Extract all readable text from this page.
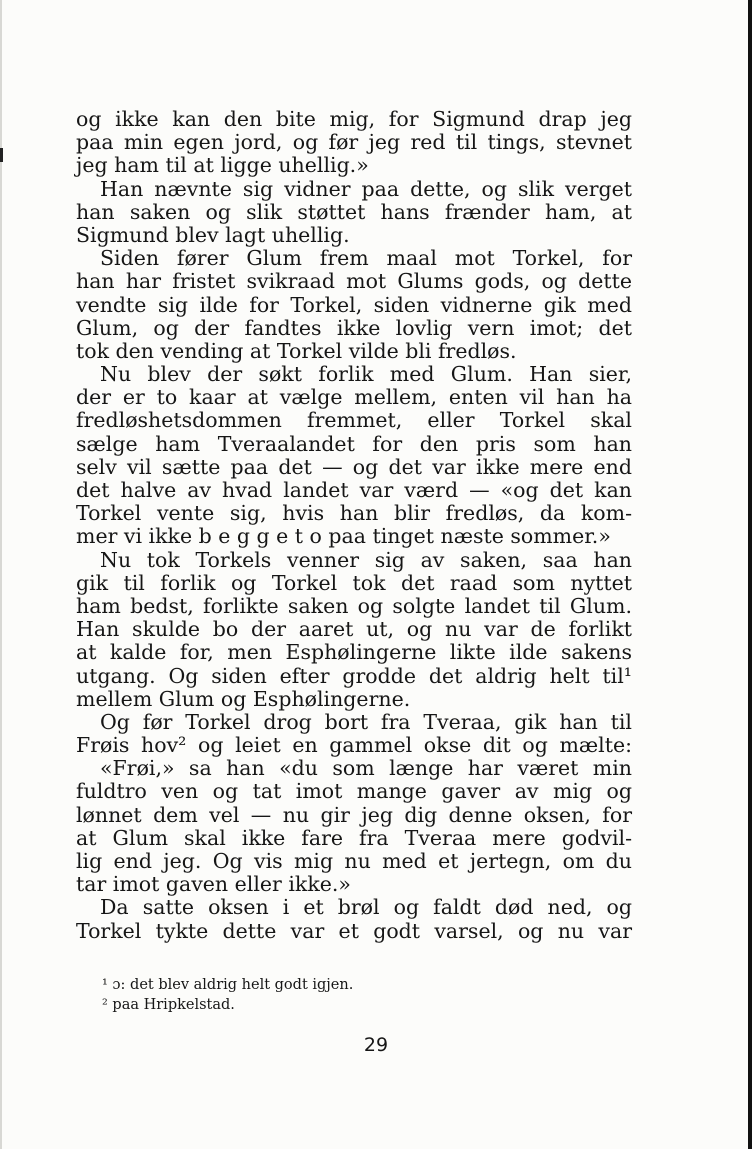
og ikke kan den bite mig, for Sigmund drap jeg
paa min egen jord, og før jeg red til tings, stevnet
jeg ham til at ligge uhellig.»
Han nævnte sig vidner paa dette, og slik verget
han saken og slik støttet hans frænder ham, at
Sigmund blev lagt uhellig.
Siden fører Glum frem maal mot Torkel, for
han har fristet svikraad mot Glums gods, og dette
vendte sig ilde for Torkel, siden vidnerne gik med
Glum, og der fandtes ikke lovlig vern imot; det
tok den vending at Torkel vilde bli fredløs.
Nu blev der søkt forlik med Glum. Han sier,
der er to kaar at vælge mellem, enten vil han ha
fredløshetsdommen fremmet, eller Torkel skal
sælge ham Tveraalandet for den pris som han
selv vil sætte paa det — og det var ikke mere end
det halve av hvad landet var værd — «og det kan
Torkel vente sig, hvis han blir fredløs, da kom-
mer vi ikke b e g g e t o paa tinget næste sommer.»
Nu tok Torkels venner sig av saken, saa han
gik til forlik og Torkel tok det raad som nyttet
ham bedst, forlikte saken og solgte landet til Glum.
Han skulde bo der aaret ut, og nu var de forlikt
at kalde for, men Esphølingerne likte ilde sakens
utgang. Og siden efter grodde det aldrig helt til¹
mellem Glum og Esphølingerne.
Og før Torkel drog bort fra Tveraa, gik han til
Frøis hov² og leiet en gammel okse dit og mælte:
«Frøi,» sa han «du som længe har været min
fuldtro ven og tat imot mange gaver av mig og
lønnet dem vel — nu gir jeg dig denne oksen, for
at Glum skal ikke fare fra Tveraa mere godvil-
lig end jeg. Og vis mig nu med et jertegn, om du
tar imot gaven eller ikke.»
Da satte oksen i et brøl og faldt død ned, og
Torkel tykte dette var et godt varsel, og nu var
¹ ɔ: det blev aldrig helt godt igjen.
² paa Hripkelstad.
29
